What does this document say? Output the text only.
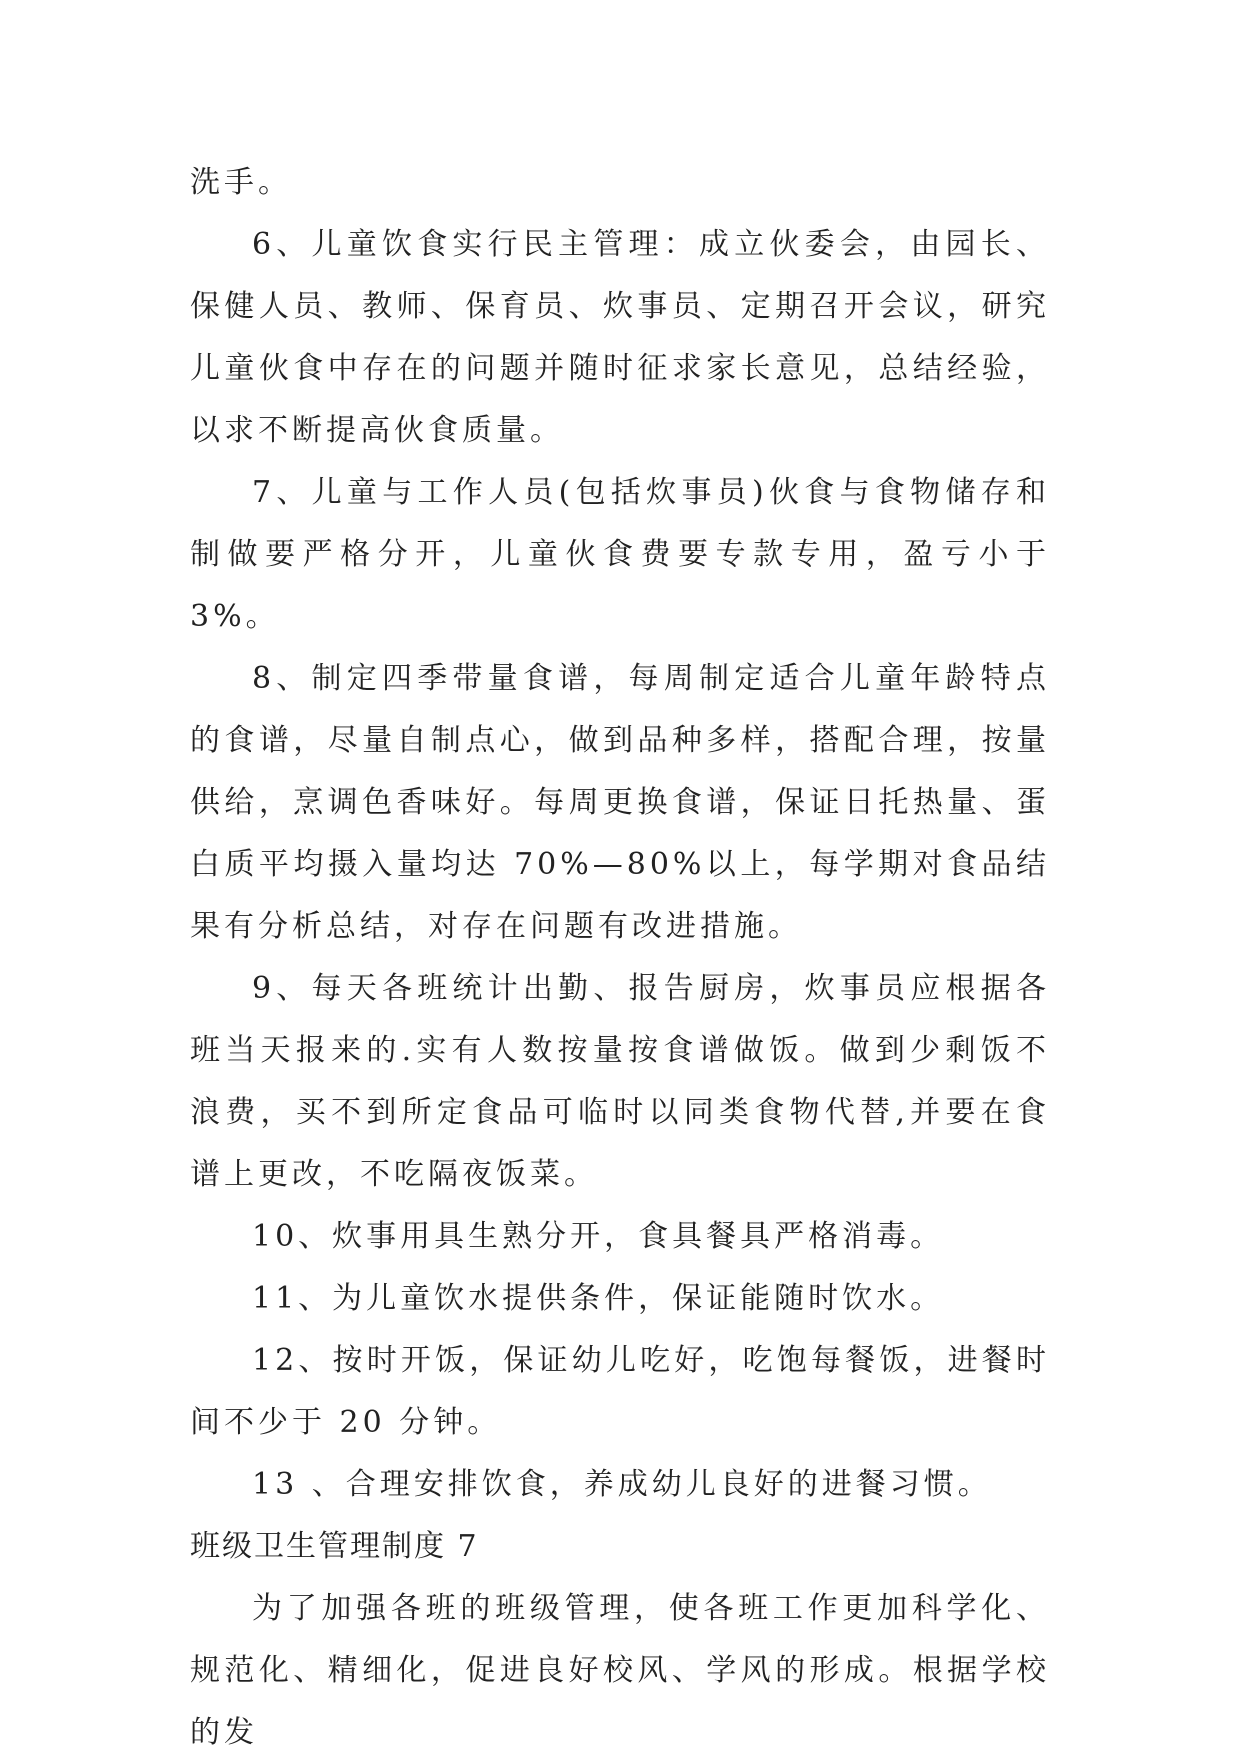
洗手。

6、儿童饮食实行民主管理：成立伙委会，由园长、保健人员、教师、保育员、炊事员、定期召开会议，研究儿童伙食中存在的问题并随时征求家长意见，总结经验，以求不断提高伙食质量。

7、儿童与工作人员(包括炊事员)伙食与食物储存和制做要严格分开，儿童伙食费要专款专用，盈亏小于 3%。

8、制定四季带量食谱，每周制定适合儿童年龄特点的食谱，尽量自制点心，做到品种多样，搭配合理，按量供给，烹调色香味好。每周更换食谱，保证日托热量、蛋白质平均摄入量均达 70%—80%以上，每学期对食品结果有分析总结，对存在问题有改进措施。

9、每天各班统计出勤、报告厨房，炊事员应根据各班当天报来的.实有人数按量按食谱做饭。做到少剩饭不浪费，买不到所定食品可临时以同类食物代替,并要在食谱上更改，不吃隔夜饭菜。

10、炊事用具生熟分开，食具餐具严格消毒。

11、为儿童饮水提供条件，保证能随时饮水。

12、按时开饭，保证幼儿吃好，吃饱每餐饭，进餐时间不少于 20 分钟。

13 、合理安排饮食，养成幼儿良好的进餐习惯。

班级卫生管理制度 7

为了加强各班的班级管理，使各班工作更加科学化、规范化、精细化，促进良好校风、学风的形成。根据学校的发
